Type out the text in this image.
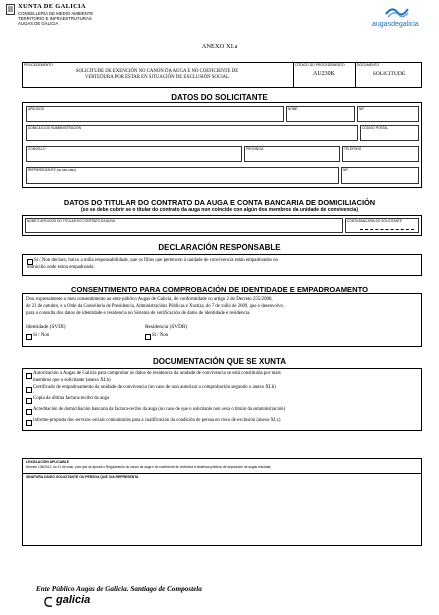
XUNTA DE GALICIA
CONSELLERÍA DE MEDIO AMBIENTE
TERRITORIO E INFRAESTRUTURAS
AUGAS DE GALICIA	augasdegalicia
ANEXO XI.a
PROCEDEMENTO
SOLICITUDE DE EXENCIÓN NO CANON DA AUGA E NO COEFICIENTE DE
VERTEDURA POR ESTAR EN SITUACIÓN DE EXCLUSIÓN SOCIAL
CÓDIGO DO PROCEDEMENTO
AU230K
DOCUMENTO
SOLICITUDE
DATOS DO SOLICITANTE
APELIDOS	NOME	NIF
DOMICILIO DO SUBMINISTRACIÓN	CÓDIGO POSTAL
CONCELLO	PROVINCIA	TELÉFONO
REPRESENTANTE (no seu caso)	NIF
DATOS DO TITULAR DO CONTRATO DA AUGA E CONTA BANCARIA DE DOMICILIACIÓN
(so se debe cubrir se o titular do contrato da auga non coincide con algún dos membros da unidade de convivencia)
NOME E APELIDOS DO TITULAR DO CONTRATO DA AUGA	CONTA BANCARIA DO SOLICITANTE
DECLARACIÓN RESPONSABLE
Si / Non declaro, baixo a miña responsabilidade, que os fillos que pertencen á unidade de convivencia están empadroados no
domicilio onde estou empadroado.
CONSENTIMENTO PARA COMPROBACIÓN DE IDENTIDADE E EMPADROAMENTO
Dou expresamente o meu consentimento ao ente público Augas de Galicia, de conformidade co artigo 2 do Decreto 255/2008,
de 23 de outubro, e a Orde da Consellería de Presidencia, Administracións Públicas e Xustiza, do 7 de xullo de 2009, que o desenvolve,
para a consulta dos datos de identidade e residencia no Sistema de verificación de datos de identidade e residencia.
Identidade (SVDI)	Residencia (SVDR)
Si / Non	Si / Non
DOCUMENTACIÓN QUE SE XUNTA
Autorización a Augas de Galicia para comprobar os datos de residencia da unidade de convivencia se está constituída por máis
membros que o solicitante (anexo XI.b)
Certificado de empadroamento da unidade de convivencia (no caso de non autorizar a comprobación segundo o anexo XI.b)
Copia da última factura-recibo da auga
Acreditación de domiciliación bancaria da factura-recibo da auga (no caso de que o solicitante non sexa o titular da subministración)
Informe-proposta dos servizos sociais comunitarios para a cualificación da condición de persoa en risco de exclusión (anexo XI.c)
LEXISLACIÓN APLICABLE
Decreto 136/2012, do 31 de maio, polo que se aproba o Regulamento do canon da auga e do coeficiente de vertedura a sistemas públicos de depuración de augas residuais
SINATURA DA/DO SOLICITANTE OU PERSOA QUE O/A REPRESENTA
Ente Público Augas de Galicia. Santiago de Compostela
galicia
